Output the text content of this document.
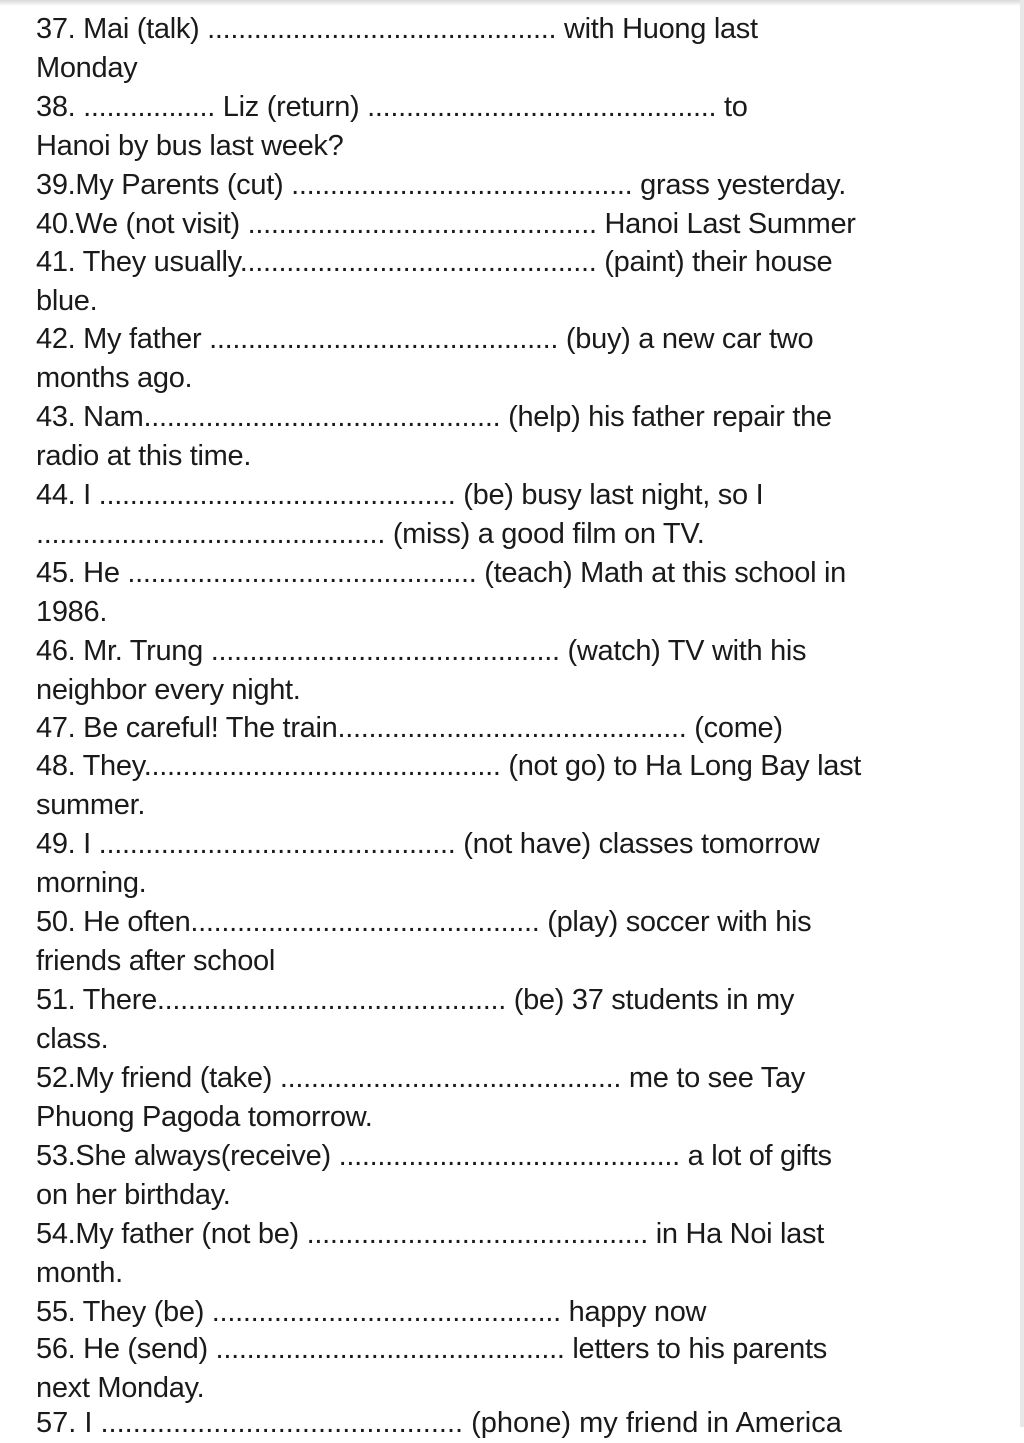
37. Mai (talk) ............................................. with Huong last
Monday
38. ................. Liz (return) ............................................. to
Hanoi by bus last week?
39.My Parents (cut) ............................................ grass yesterday.
40.We (not visit) ............................................. Hanoi Last Summer
41. They usually.............................................. (paint) their house
blue.
42. My father ............................................. (buy) a new car two
months ago.
43. Nam.............................................. (help) his father repair the
radio at this time.
44. I .............................................. (be) busy last night, so I
............................................. (miss) a good film on TV.
45. He ............................................. (teach) Math at this school in
1986.
46. Mr. Trung ............................................. (watch) TV with his
neighbor every night.
47. Be careful! The train............................................. (come)
48. They.............................................. (not go) to Ha Long Bay last
summer.
49. I .............................................. (not have) classes tomorrow
morning.
50. He often............................................. (play) soccer with his
friends after school
51. There............................................. (be) 37 students in my
class.
52.My friend (take) ............................................ me to see Tay
Phuong Pagoda tomorrow.
53.She always(receive) ............................................ a lot of gifts
on her birthday.
54.My father (not be) ............................................ in Ha Noi last
month.
55. They (be) ............................................. happy now
56. He (send) ............................................. letters to his parents
next Monday.
57. I ............................................. (phone) my friend in America
